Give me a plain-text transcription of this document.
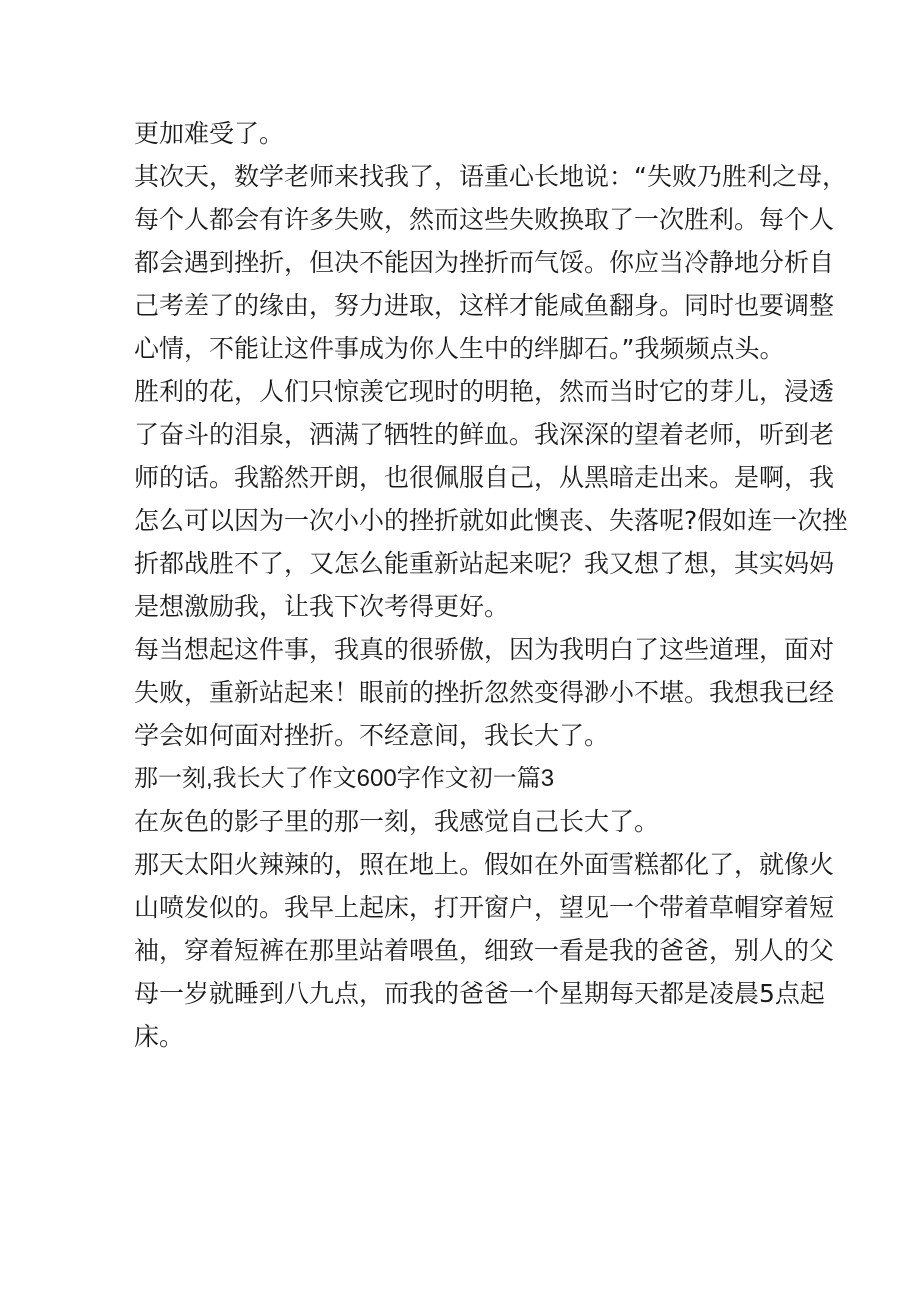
更加难受了。
其次天，数学老师来找我了，语重心长地说：“失败乃胜利之母，
每个人都会有许多失败，然而这些失败换取了一次胜利。每个人
都会遇到挫折，但决不能因为挫折而气馁。你应当冷静地分析自
己考差了的缘由，努力进取，这样才能咸鱼翻身。同时也要调整
心情，不能让这件事成为你人生中的绊脚石。”我频频点头。
胜利的花，人们只惊羡它现时的明艳，然而当时它的芽儿，浸透
了奋斗的泪泉，洒满了牺牲的鲜血。我深深的望着老师，听到老
师的话。我豁然开朗，也很佩服自己，从黑暗走出来。是啊，我
怎么可以因为一次小小的挫折就如此懊丧、失落呢?假如连一次挫
折都战胜不了，又怎么能重新站起来呢？我又想了想，其实妈妈
是想激励我，让我下次考得更好。
每当想起这件事，我真的很骄傲，因为我明白了这些道理，面对
失败，重新站起来！眼前的挫折忽然变得渺小不堪。我想我已经
学会如何面对挫折。不经意间，我长大了。
那一刻,我长大了作文600字作文初一篇3
在灰色的影子里的那一刻，我感觉自己长大了。
那天太阳火辣辣的，照在地上。假如在外面雪糕都化了，就像火
山喷发似的。我早上起床，打开窗户，望见一个带着草帽穿着短
袖，穿着短裤在那里站着喂鱼，细致一看是我的爸爸，别人的父
母一岁就睡到八九点，而我的爸爸一个星期每天都是凌晨5点起
床。
